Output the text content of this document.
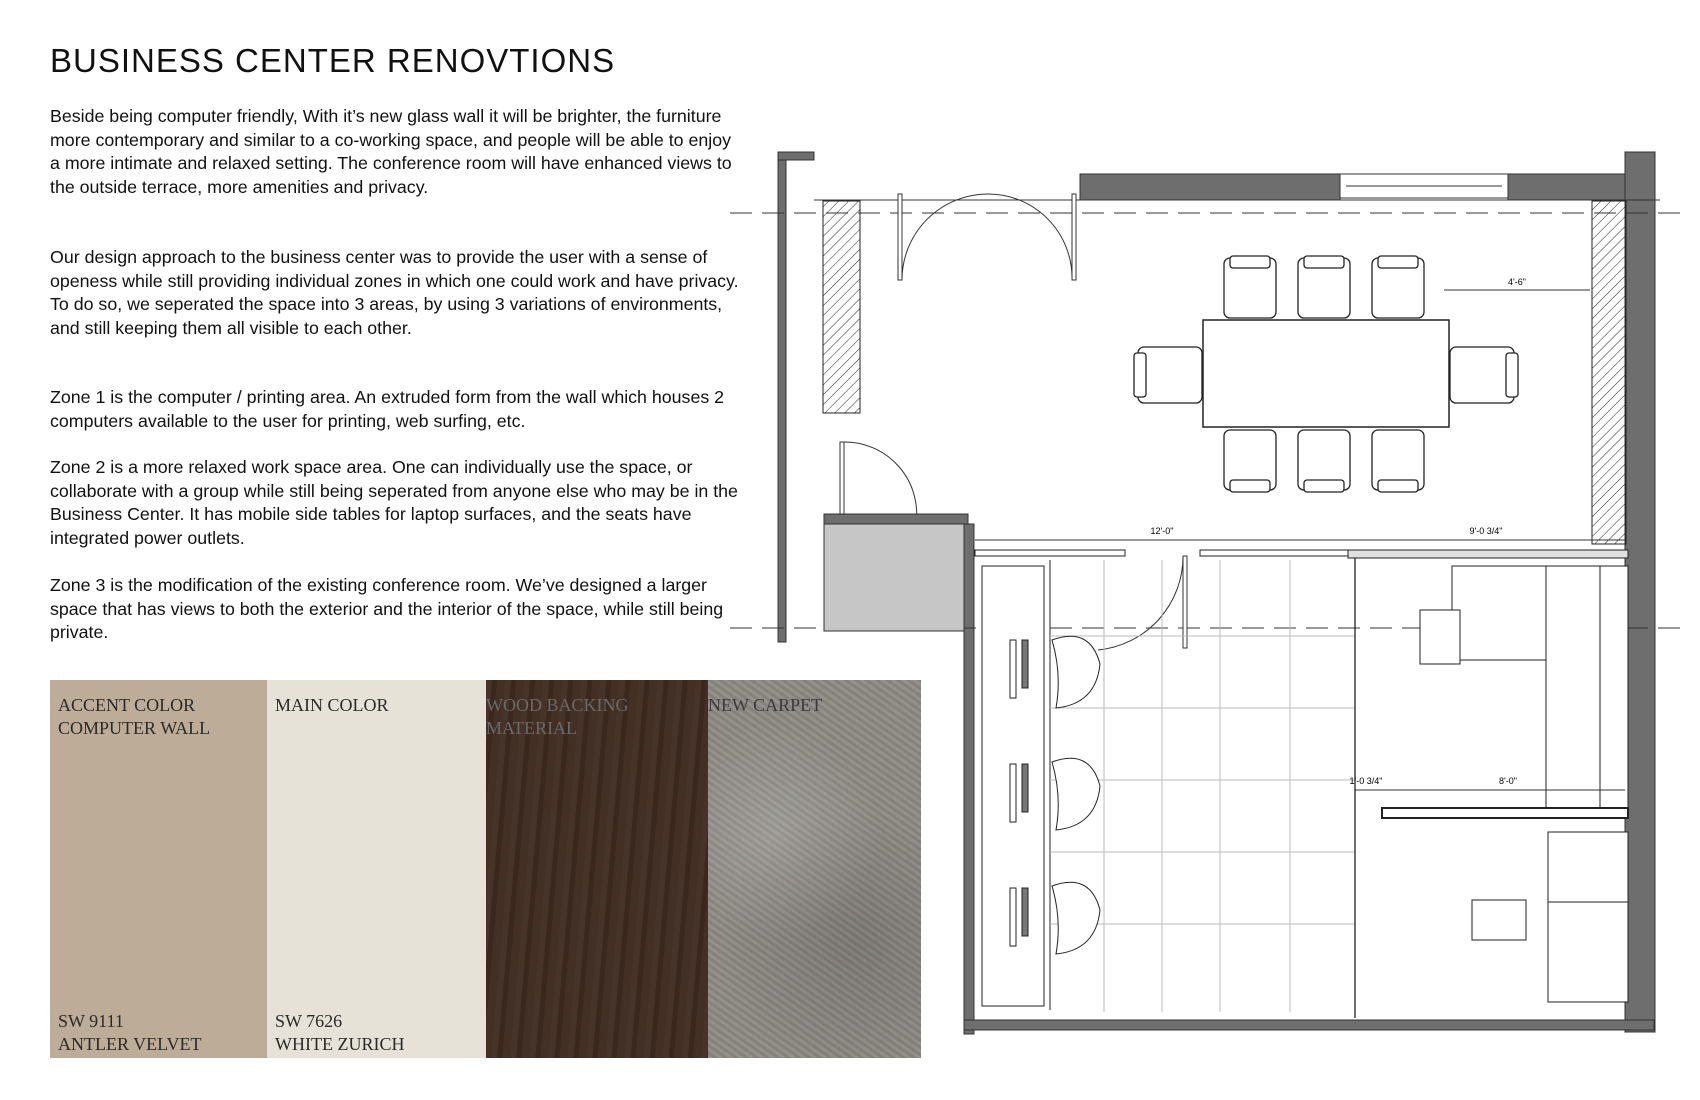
BUSINESS CENTER RENOVTIONS

Beside being computer friendly, With it’s new glass wall it will be brighter, the furniture more contemporary and similar to a co-working space, and people will be able to enjoy a more intimate and relaxed setting. The conference room will have enhanced views to the outside terrace, more amenities and privacy.

Our design approach to the business center was to provide the user with a sense of openess while still providing individual zones in which one could work and have privacy. To do so, we seperated the space into 3 areas, by using 3 variations of environments, and still keeping them all visible to each other.

Zone 1 is the computer / printing area. An extruded form from the wall which houses 2 computers available to the user for printing, web surfing, etc.

Zone 2 is a more relaxed work space area. One can individually use the space, or collaborate with a group while still being seperated from anyone else who may be in the Business Center. It has mobile side tables for laptop surfaces, and the seats have integrated power outlets.

Zone 3 is the modification of the existing conference room. We’ve designed a larger space that has views to both the exterior and the interior of the space, while still being private.

ACCENT COLOR
COMPUTER WALL
SW 9111
ANTLER VELVET
MAIN COLOR
SW 7626
WHITE ZURICH
WOOD BACKING
MATERIAL
NEW CARPET
4'-6"
12'-0"	9'-0 3/4"
1'-0 3/4"	8'-0"
